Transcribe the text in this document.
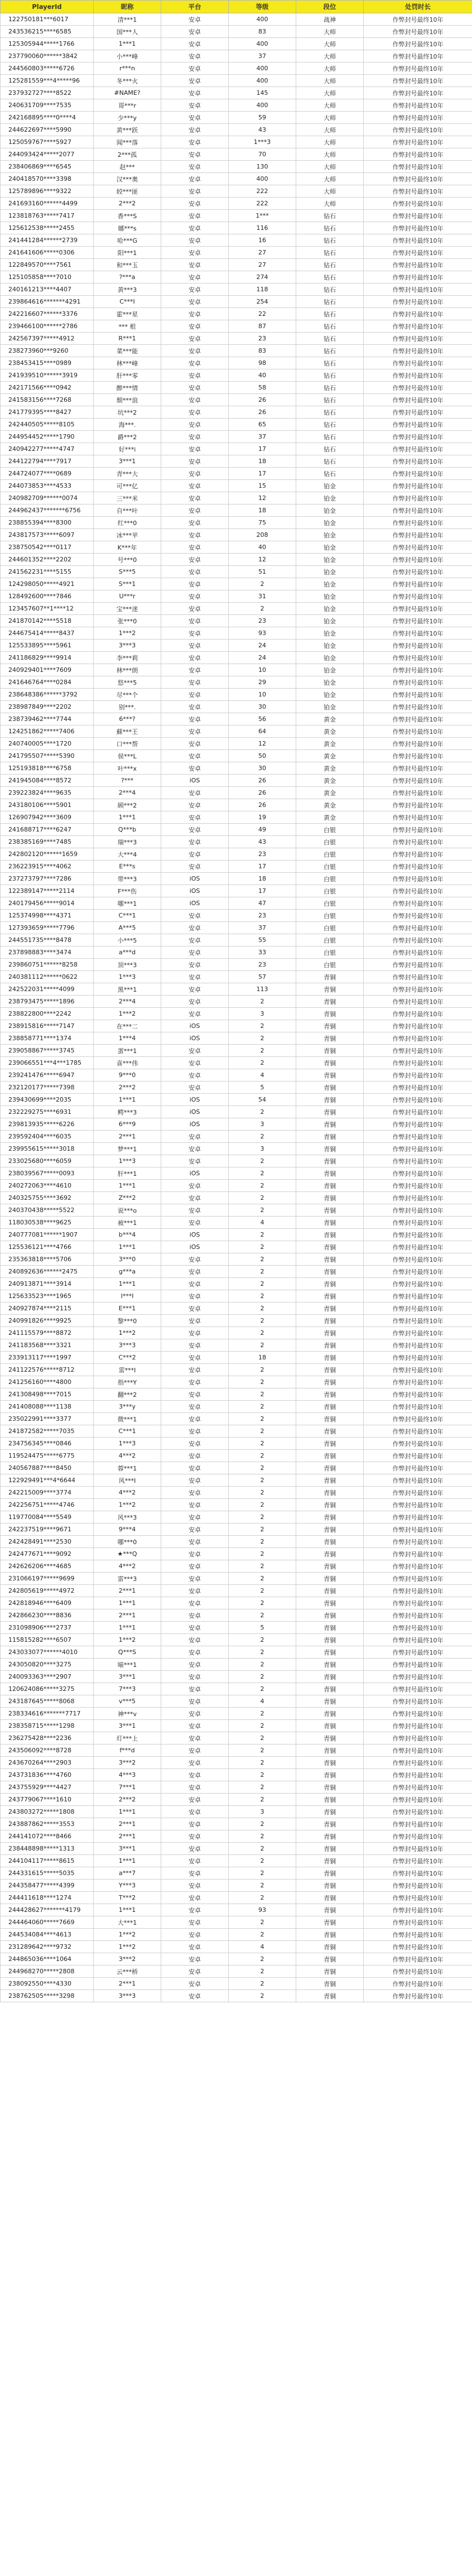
PlayerId	昵称	平台	等级	段位	处罚时长
122750181***6017	清***1	安卓	400	战神	作弊封号最终10年
243536215****6585	国***人	安卓	83	大师	作弊封号最终10年
125305944*****1766	1***1	安卓	400	大师	作弊封号最终10年
237790060******3842	小***峰	安卓	37	大师	作弊封号最终10年
244560803*****6726	r***n	安卓	400	大师	作弊封号最终10年
125281559***4*****96	冬***火	安卓	400	大师	作弊封号最终10年
237932727****8522	#NAME?	安卓	145	大师	作弊封号最终10年
240631709****7535	哥***r	安卓	400	大师	作弊封号最终10年
242168895****0****4	少***y	安卓	59	大师	作弊封号最终10年
244622697****5990	黄***跃	安卓	43	大师	作弊封号最终10年
125059767****5927	闻***落	安卓	1***3	大师	作弊封号最终10年
244093424*****2077	2***孤	安卓	70	大师	作弊封号最终10年
238406869****6545	赵***	安卓	130	大师	作弊封号最终10年
240418570****3398	汉***奥	安卓	400	大师	作弊封号最终10年
125789896****9322	较***匪	安卓	222	大师	作弊封号最终10年
241693160******4499	2***2	安卓	222	大师	作弊封号最终10年
123818763*****7417	香***S	安卓	1***	钻石	作弊封号最终10年
125612538*****2455	娜***s	安卓	116	钻石	作弊封号最终10年
241441284******2739	哈***G	安卓	16	钻石	作弊封号最终10年
241641606*****0306	阳***1	安卓	27	钻石	作弊封号最终10年
122849570****7561	和***玉	安卓	27	钻石	作弊封号最终10年
125105858****7010	?***a	安卓	274	钻石	作弊封号最终10年
240161213****4407	黄***3	安卓	118	钻石	作弊封号最终10年
239864616*******4291	C***I	安卓	254	钻石	作弊封号最终10年
242216607******3376	霍***星	安卓	22	钻石	作弊封号最终10年
239466100******2786	*** 根	安卓	87	钻石	作弊封号最终10年
242567397*****4912	R***1	安卓	23	钻石	作弊封号最终10年
238273960***9260	菜***能	安卓	83	钻石	作弊封号最终10年
238453415****0989	林***峰	安卓	98	钻石	作弊封号最终10年
241939510******3919	肝***零	安卓	40	钻石	作弊封号最终10年
242171566****0942	醉***情	安卓	58	钻石	作弊封号最终10年
241583156****7268	颓***浪	安卓	26	钻石	作弊封号最终10年
241779395****8427	坑***2	安卓	26	钻石	作弊封号最终10年
242440505*****8105	海***.	安卓	65	钻石	作弊封号最终10年
244954452*****1790	爵***2	安卓	37	钻石	作弊封号最终10年
240942277*****4747	好***i	安卓	17	钻石	作弊封号最终10年
244122794****7917	3***1	安卓	18	钻石	作弊封号最终10年
244724077****0689	青***大	安卓	17	钻石	作弊封号最终10年
244073853****4533	可***亿	安卓	15	铂金	作弊封号最终10年
240982709******0074	三***米	安卓	12	铂金	作弊封号最终10年
244962437*******6756	自***叶	安卓	18	铂金	作弊封号最终10年
238855394****8300	红***0	安卓	75	铂金	作弊封号最终10年
243817573*****6097	冰***苹	安卓	208	铂金	作弊封号最终10年
238750542****0117	K***年	安卓	40	铂金	作弊封号最终10年
244601352****2202	号***0	安卓	12	铂金	作弊封号最终10年
241562231****5155	S***5	安卓	51	铂金	作弊封号最终10年
124298050*****4921	S***1	安卓	2	铂金	作弊封号最终10年
128492600****7846	U***r	安卓	31	铂金	作弊封号最终10年
123457607**1****12	宝***迷	安卓	2	铂金	作弊封号最终10年
241870142****5518	张***0	安卓	23	铂金	作弊封号最终10年
244675414*****8437	1***2	安卓	93	铂金	作弊封号最终10年
125533895****5961	3***3	安卓	24	铂金	作弊封号最终10年
241186829****9914	李***莉	安卓	24	铂金	作弊封号最终10年
240929401****7609	林***朗	安卓	10	铂金	作弊封号最终10年
241646764****0284	悠***5	安卓	29	铂金	作弊封号最终10年
238648386******3792	尽***个	安卓	10	铂金	作弊封号最终10年
238987849****2202	别***.	安卓	30	铂金	作弊封号最终10年
238739462****7744	6***?	安卓	56	黄金	作弊封号最终10年
124251862*****7406	蘇***王	安卓	64	黄金	作弊封号最终10年
240740005****1720	口***帮	安卓	12	黄金	作弊封号最终10年
241795507*****5390	侯***L	安卓	50	黄金	作弊封号最终10年
125193818****6758	叶***x	安卓	30	黄金	作弊封号最终10年
241945084****8572	?***	iOS	26	黄金	作弊封号最终10年
239223824****9635	2***4	安卓	26	黄金	作弊封号最终10年
243180106****5901	顾***2	安卓	26	黄金	作弊封号最终10年
126907942****3609	1***1	安卓	19	黄金	作弊封号最终10年
241688717****6247	Q***b	安卓	49	白银	作弊封号最终10年
238385169****7485	瑞***3	安卓	43	白银	作弊封号最终10年
242802120******1659	大***4	安卓	23	白银	作弊封号最终10年
236223915****4062	E***s	安卓	17	白银	作弊封号最终10年
237273797****7286	带***3	iOS	18	白银	作弊封号最终10年
122389147*****2114	F***伤	iOS	17	白银	作弊封号最终10年
240179456*****9014	哪***1	iOS	47	白银	作弊封号最终10年
125374998****4371	C***1	安卓	23	白银	作弊封号最终10年
127393659*****7796	A***5	安卓	37	白银	作弊封号最终10年
244551735****8478	小***5	安卓	55	白银	作弊封号最终10年
237898883****3474	a***d	安卓	33	白银	作弊封号最终10年
239860751******8258	顶***3	安卓	23	白银	作弊封号最终10年
240381112******0622	1***3	安卓	57	青铜	作弊封号最终10年
242522031*****4099	黑***1	安卓	113	青铜	作弊封号最终10年
238793475*****1896	2***4	安卓	2	青铜	作弊封号最终10年
238822800****2242	1***2	安卓	3	青铜	作弊封号最终10年
238915816*****7147	在***二	iOS	2	青铜	作弊封号最终10年
238858771****1374	1***4	iOS	2	青铜	作弊封号最终10年
239058867*****3745	蛋***1	安卓	2	青铜	作弊封号最终10年
239066551***4***1785	喜***伟	安卓	2	青铜	作弊封号最终10年
239241476*****6947	9***0	安卓	4	青铜	作弊封号最终10年
232120177*****7398	2***2	安卓	5	青铜	作弊封号最终10年
239430699****2035	1***1	iOS	54	青铜	作弊封号最终10年
232229275****6931	鳄***3	iOS	2	青铜	作弊封号最终10年
239813935*****6226	6***9	iOS	3	青铜	作弊封号最终10年
239592404****6035	2***1	安卓	2	青铜	作弊封号最终10年
239955615*****3018	梦***1	安卓	3	青铜	作弊封号最终10年
233025680****6059	1***3	安卓	2	青铜	作弊封号最终10年
238039567*****0093	肝***1	iOS	2	青铜	作弊封号最终10年
240272063****4610	1***1	安卓	2	青铜	作弊封号最终10年
240325755****3692	Z***2	安卓	2	青铜	作弊封号最终10年
240370438*****5522	说***o	安卓	2	青铜	作弊封号最终10年
118030538****9625	被***1	安卓	4	青铜	作弊封号最终10年
240777081******1907	b***4	iOS	2	青铜	作弊封号最终10年
125536121****4766	1***1	iOS	2	青铜	作弊封号最终10年
235363818****5706	3***0	安卓	2	青铜	作弊封号最终10年
240892636******2475	g***a	安卓	2	青铜	作弊封号最终10年
240913871****3914	1***1	安卓	2	青铜	作弊封号最终10年
125633523****1965	I***I	安卓	2	青铜	作弊封号最终10年
240927874****2115	E***1	安卓	2	青铜	作弊封号最终10年
240991826****9925	黎***0	安卓	2	青铜	作弊封号最终10年
241115579****8872	1***2	安卓	2	青铜	作弊封号最终10年
241183568****3321	3***3	安卓	2	青铜	作弊封号最终10年
233913117****1997	C***2	安卓	18	青铜	作弊封号最终10年
241122576*****8712	雷***I	安卓	2	青铜	作弊封号最终10年
241256160****4800	指***Y	安卓	2	青铜	作弊封号最终10年
241308498****7015	翻***2	安卓	2	青铜	作弊封号最终10年
241408088****1138	3***y	安卓	2	青铜	作弊封号最终10年
235022991****3377	微***1	安卓	2	青铜	作弊封号最终10年
241872582*****7035	C***1	安卓	2	青铜	作弊封号最终10年
234756345****0846	1***3	安卓	2	青铜	作弊封号最终10年
119524475*****6775	4***2	安卓	2	青铜	作弊封号最终10年
240567887****8450	蓉***1	安卓	2	青铜	作弊封号最终10年
122929491***4*6644	风***I	安卓	2	青铜	作弊封号最终10年
242215009****3774	4***2	安卓	2	青铜	作弊封号最终10年
242256751*****4746	1***2	安卓	2	青铜	作弊封号最终10年
119770084****5549	风***3	安卓	2	青铜	作弊封号最终10年
242237519****9671	9***4	安卓	2	青铜	作弊封号最终10年
242428491****2530	哪***0	安卓	2	青铜	作弊封号最终10年
242477671****9092	★***Q	安卓	2	青铜	作弊封号最终10年
242626206****4685	4***2	安卓	2	青铜	作弊封号最终10年
231066197*****9699	雷***3	安卓	2	青铜	作弊封号最终10年
242805619*****4972	2***1	安卓	2	青铜	作弊封号最终10年
242818946****6409	1***1	安卓	2	青铜	作弊封号最终10年
242866230****8836	2***1	安卓	2	青铜	作弊封号最终10年
231098906****2737	1***1	安卓	5	青铜	作弊封号最终10年
115815282****6507	1***2	安卓	2	青铜	作弊封号最终10年
243033077******4010	Q***S	安卓	2	青铜	作弊封号最终10年
243050820****3275	喵***1	安卓	2	青铜	作弊封号最终10年
240093363****2907	3***1	安卓	2	青铜	作弊封号最终10年
120624086*****3275	7***3	安卓	2	青铜	作弊封号最终10年
243187645*****8068	v***5	安卓	4	青铜	作弊封号最终10年
238334616*******7717	神***v	安卓	2	青铜	作弊封号最终10年
238358715*****1298	3***1	安卓	2	青铜	作弊封号最终10年
236275428****2236	灯***上	安卓	2	青铜	作弊封号最终10年
243506092****8728	f***d	安卓	2	青铜	作弊封号最终10年
243670264****2903	3***2	安卓	2	青铜	作弊封号最终10年
243731836****4760	4***3	安卓	2	青铜	作弊封号最终10年
243755929****4427	7***1	安卓	2	青铜	作弊封号最终10年
243779067****1610	2***2	安卓	2	青铜	作弊封号最终10年
243803272*****1808	1***1	安卓	3	青铜	作弊封号最终10年
243887862*****3553	2***1	安卓	2	青铜	作弊封号最终10年
244141072****8466	2***1	安卓	2	青铜	作弊封号最终10年
238448898*****1313	3***1	安卓	2	青铜	作弊封号最终10年
244104117*****8615	1***1	安卓	2	青铜	作弊封号最终10年
244331615*****5035	a***7	安卓	2	青铜	作弊封号最终10年
244358477*****4399	Y***3	安卓	2	青铜	作弊封号最终10年
244411618****1274	T***2	安卓	2	青铜	作弊封号最终10年
244428627*******4179	1***1	安卓	93	青铜	作弊封号最终10年
244464060*****7669	大***1	安卓	2	青铜	作弊封号最终10年
244534084****4613	1***2	安卓	2	青铜	作弊封号最终10年
231289642****9732	1***2	安卓	4	青铜	作弊封号最终10年
244865036****1064	3***2	安卓	2	青铜	作弊封号最终10年
244968270*****2808	云***桥	安卓	2	青铜	作弊封号最终10年
238092550****4330	2***1	安卓	2	青铜	作弊封号最终10年
238762505*****3298	3***3	安卓	2	青铜	作弊封号最终10年
